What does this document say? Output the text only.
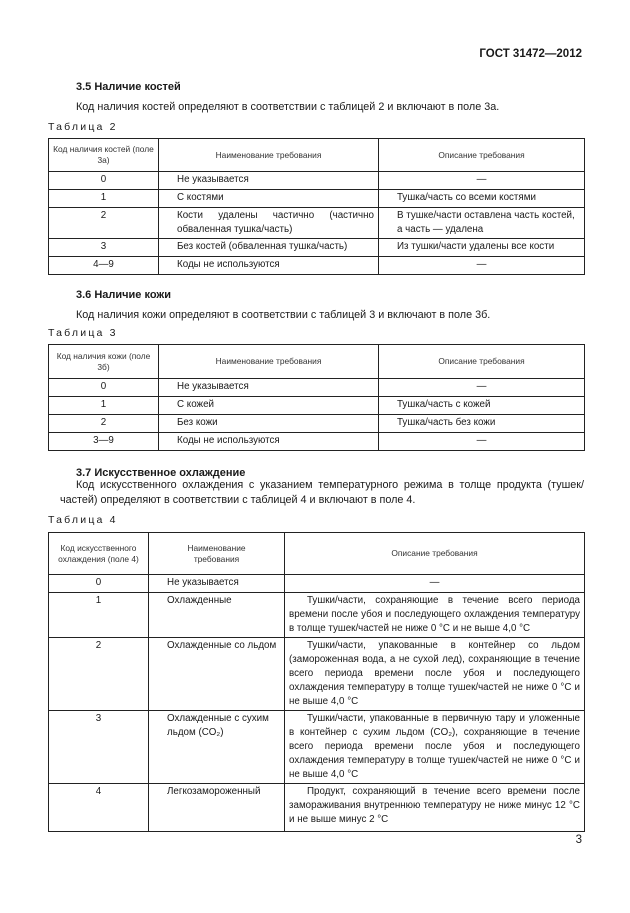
ГОСТ 31472—2012
3.5 Наличие костей
Код наличия костей определяют в соответствии с таблицей 2 и включают в поле 3а.
Таблица 2
Код наличия костей (поле 3а)	Наименование требования	Описание требования
0	Не указывается	—
1	С костями	Тушка/часть со всеми костями
2	Кости удалены частично (частично обваленная тушка/часть)	В тушке/части оставлена часть костей, а часть — удалена
3	Без костей (обваленная тушка/часть)	Из тушки/части удалены все кости
4—9	Коды не используются	—
3.6 Наличие кожи
Код наличия кожи определяют в соответствии с таблицей 3 и включают в поле 3б.
Таблица 3
Код наличия кожи (поле 3б)	Наименование требования	Описание требования
0	Не указывается	—
1	С кожей	Тушка/часть с кожей
2	Без кожи	Тушка/часть без кожи
3—9	Коды не используются	—
3.7 Искусственное охлаждение
Код искусственного охлаждения с указанием температурного режима в толще продукта (тушек/частей) определяют в соответствии с таблицей 4 и включают в поле 4.
Таблица 4
Код искусственного охлаждения (поле 4)	Наименование требования	Описание требования
0	Не указывается	—
1	Охлажденные	Тушки/части, сохраняющие в течение всего периода времени после убоя и последующего охлаждения температуру в толще тушек/частей не ниже 0 °С и не выше 4,0 °С
2	Охлажденные со льдом	Тушки/части, упакованные в контейнер со льдом (замороженная вода, а не сухой лед), сохраняющие в течение всего периода времени после убоя и последующего охлаждения температуру в толще тушек/частей не ниже 0 °С и не выше 4,0 °С
3	Охлажденные с сухим льдом (CO₂)	Тушки/части, упакованные в первичную тару и уложенные в контейнер с сухим льдом (CO₂), сохраняющие в течение всего периода времени после убоя и последующего охлаждения температуру в толще тушек/частей не ниже 0 °С и не выше 4,0 °С
4	Легкозамороженный	Продукт, сохраняющий в течение всего времени после замораживания внутреннюю температуру не ниже минус 12 °С и не выше минус 2 °С
3
